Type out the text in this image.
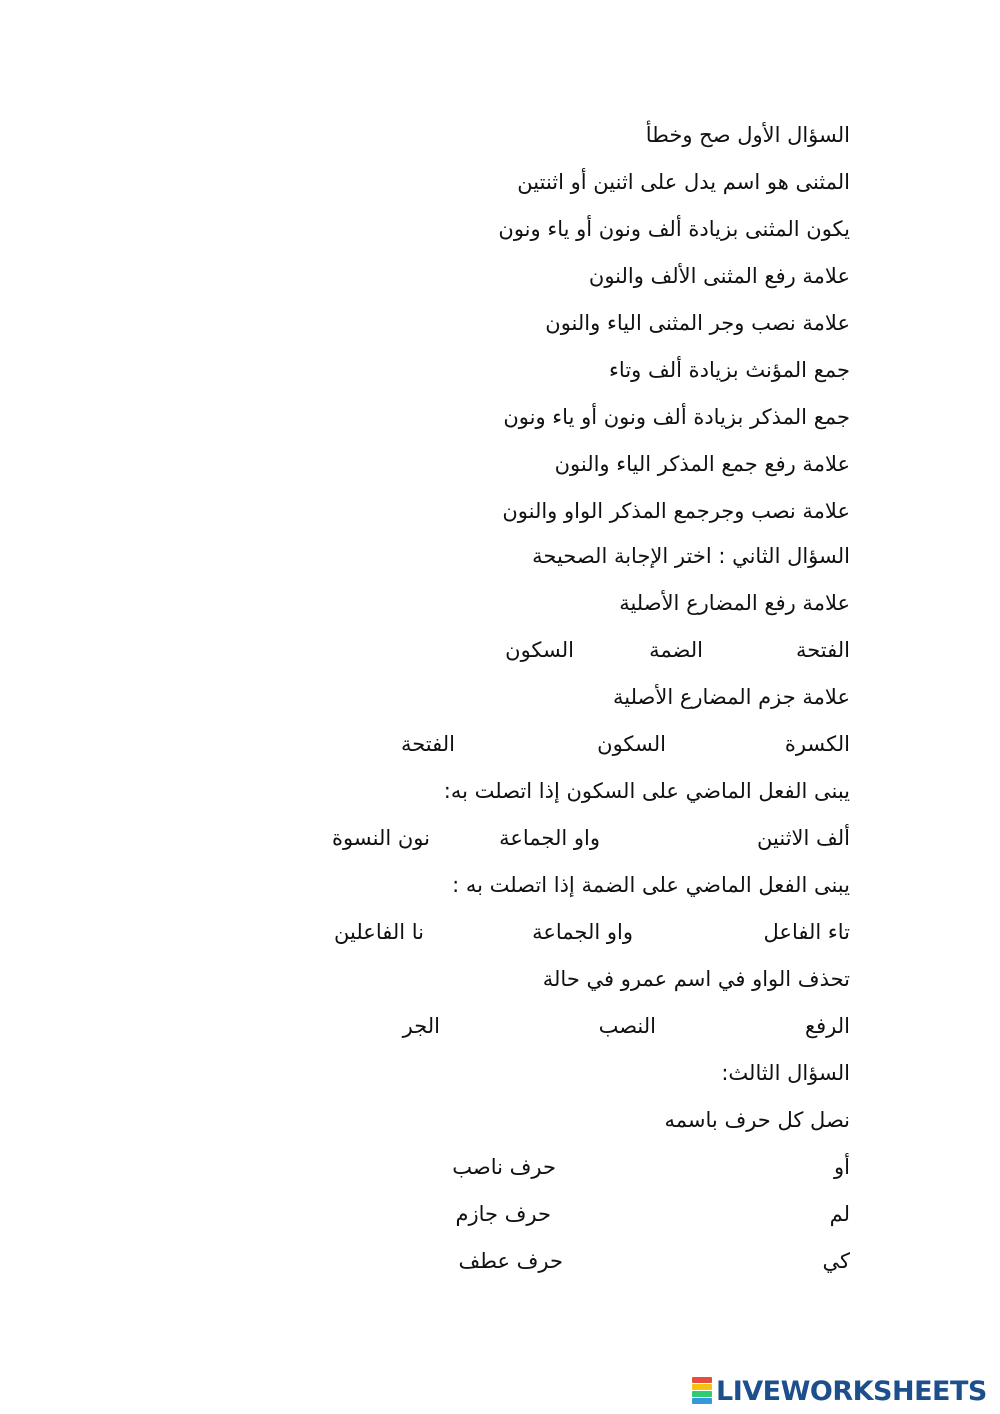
السؤال الأول صح وخطأ
المثنى هو اسم يدل على اثنين أو اثنتين
يكون المثنى بزيادة ألف ونون أو ياء ونون
علامة رفع المثنى الألف والنون
علامة نصب وجر المثنى الياء والنون
جمع المؤنث بزيادة ألف وتاء
جمع المذكر بزيادة ألف ونون أو ياء ونون
علامة رفع جمع المذكر الياء والنون
علامة نصب وجرجمع المذكر الواو والنون
السؤال الثاني : اختر الإجابة الصحيحة
علامة رفع المضارع الأصلية
الفتحة
الضمة
السكون
علامة جزم المضارع الأصلية
الكسرة
السكون
الفتحة
يبنى الفعل الماضي على السكون إذا اتصلت به:
ألف الاثنين
واو الجماعة
نون النسوة
يبنى الفعل الماضي على الضمة إذا اتصلت به :
تاء الفاعل
واو الجماعة
نا الفاعلين
تحذف الواو في اسم عمرو في حالة
الرفع
النصب
الجر
السؤال الثالث:
نصل كل حرف باسمه
أو
حرف ناصب
لم
حرف جازم
كي
حرف عطف
LIVEWORKSHEETS
